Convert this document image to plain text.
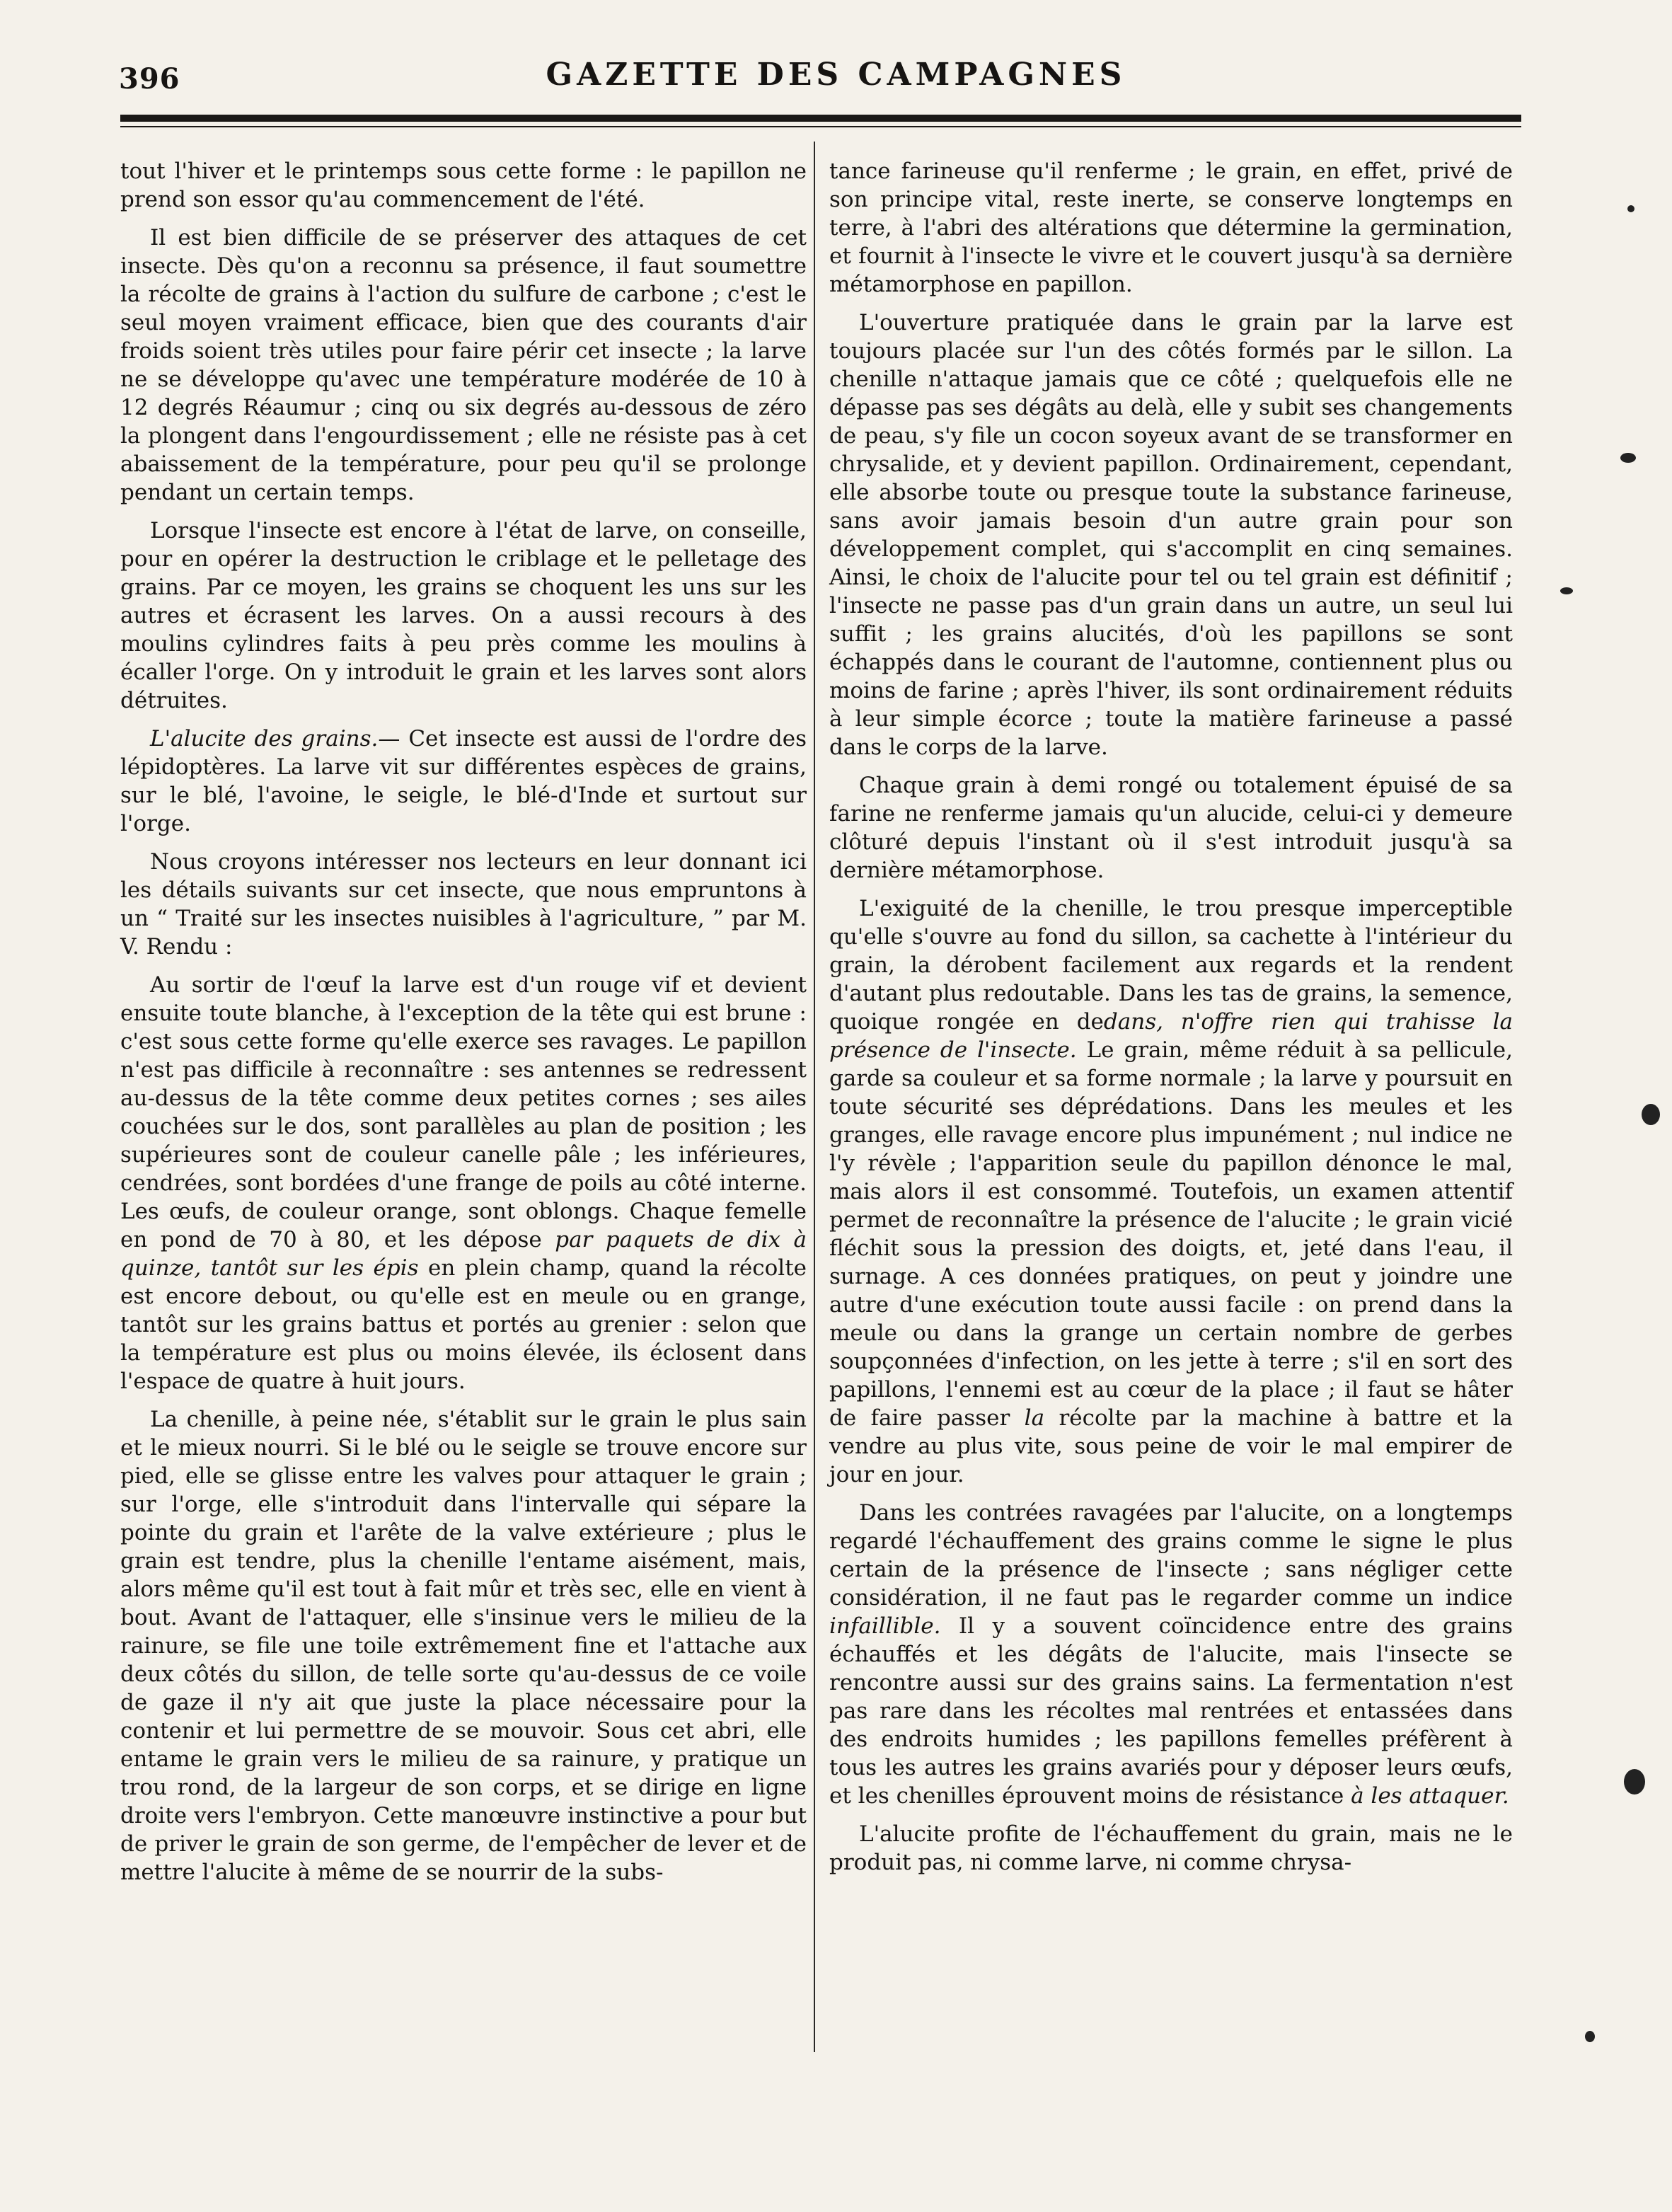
396	GAZETTE DES CAMPAGNES

tout l'hiver et le printemps sous cette forme : le papillon ne prend son essor qu'au commencement de l'été.

Il est bien difficile de se préserver des attaques de cet insecte. Dès qu'on a reconnu sa présence, il faut soumettre la récolte de grains à l'action du sulfure de carbone ; c'est le seul moyen vraiment efficace, bien que des courants d'air froids soient très utiles pour faire périr cet insecte ; la larve ne se développe qu'avec une température modérée de 10 à 12 degrés Réaumur ; cinq ou six degrés au-dessous de zéro la plongent dans l'engourdissement ; elle ne résiste pas à cet abaissement de la température, pour peu qu'il se prolonge pendant un certain temps.

Lorsque l'insecte est encore à l'état de larve, on conseille, pour en opérer la destruction le criblage et le pelletage des grains. Par ce moyen, les grains se choquent les uns sur les autres et écrasent les larves. On a aussi recours à des moulins cylindres faits à peu près comme les moulins à écaller l'orge. On y introduit le grain et les larves sont alors détruites.

L'alucite des grains.— Cet insecte est aussi de l'ordre des lépidoptères. La larve vit sur différentes espèces de grains, sur le blé, l'avoine, le seigle, le blé-d'Inde et surtout sur l'orge.

Nous croyons intéresser nos lecteurs en leur donnant ici les détails suivants sur cet insecte, que nous empruntons à un “ Traité sur les insectes nuisibles à l'agriculture, ” par M. V. Rendu :

Au sortir de l'œuf la larve est d'un rouge vif et devient ensuite toute blanche, à l'exception de la tête qui est brune : c'est sous cette forme qu'elle exerce ses ravages. Le papillon n'est pas difficile à reconnaître : ses antennes se redressent au-dessus de la tête comme deux petites cornes ; ses ailes couchées sur le dos, sont parallèles au plan de position ; les supérieures sont de couleur canelle pâle ; les inférieures, cendrées, sont bordées d'une frange de poils au côté interne. Les œufs, de couleur orange, sont oblongs. Chaque femelle en pond de 70 à 80, et les dépose par paquets de dix à quinze, tantôt sur les épis en plein champ, quand la récolte est encore debout, ou qu'elle est en meule ou en grange, tantôt sur les grains battus et portés au grenier : selon que la température est plus ou moins élevée, ils éclosent dans l'espace de quatre à huit jours.

La chenille, à peine née, s'établit sur le grain le plus sain et le mieux nourri. Si le blé ou le seigle se trouve encore sur pied, elle se glisse entre les valves pour attaquer le grain ; sur l'orge, elle s'introduit dans l'intervalle qui sépare la pointe du grain et l'arête de la valve extérieure ; plus le grain est tendre, plus la chenille l'entame aisément, mais, alors même qu'il est tout à fait mûr et très sec, elle en vient à bout. Avant de l'attaquer, elle s'insinue vers le milieu de la rainure, se file une toile extrêmement fine et l'attache aux deux côtés du sillon, de telle sorte qu'au-dessus de ce voile de gaze il n'y ait que juste la place nécessaire pour la contenir et lui permettre de se mouvoir. Sous cet abri, elle entame le grain vers le milieu de sa rainure, y pratique un trou rond, de la largeur de son corps, et se dirige en ligne droite vers l'embryon. Cette manœuvre instinctive a pour but de priver le grain de son germe, de l'empêcher de lever et de mettre l'alucite à même de se nourrir de la subs-

tance farineuse qu'il renferme ; le grain, en effet, privé de son principe vital, reste inerte, se conserve longtemps en terre, à l'abri des altérations que détermine la germination, et fournit à l'insecte le vivre et le couvert jusqu'à sa dernière métamorphose en papillon.

L'ouverture pratiquée dans le grain par la larve est toujours placée sur l'un des côtés formés par le sillon. La chenille n'attaque jamais que ce côté ; quelquefois elle ne dépasse pas ses dégâts au delà, elle y subit ses changements de peau, s'y file un cocon soyeux avant de se transformer en chrysalide, et y devient papillon. Ordinairement, cependant, elle absorbe toute ou presque toute la substance farineuse, sans avoir jamais besoin d'un autre grain pour son développement complet, qui s'accomplit en cinq semaines. Ainsi, le choix de l'alucite pour tel ou tel grain est définitif ; l'insecte ne passe pas d'un grain dans un autre, un seul lui suffit ; les grains alucités, d'où les papillons se sont échappés dans le courant de l'automne, contiennent plus ou moins de farine ; après l'hiver, ils sont ordinairement réduits à leur simple écorce ; toute la matière farineuse a passé dans le corps de la larve.

Chaque grain à demi rongé ou totalement épuisé de sa farine ne renferme jamais qu'un alucide, celui-ci y demeure clôturé depuis l'instant où il s'est introduit jusqu'à sa dernière métamorphose.

L'exiguité de la chenille, le trou presque imperceptible qu'elle s'ouvre au fond du sillon, sa cachette à l'intérieur du grain, la dérobent facilement aux regards et la rendent d'autant plus redoutable. Dans les tas de grains, la semence, quoique rongée en dedans, n'offre rien qui trahisse la présence de l'insecte. Le grain, même réduit à sa pellicule, garde sa couleur et sa forme normale ; la larve y poursuit en toute sécurité ses déprédations. Dans les meules et les granges, elle ravage encore plus impunément ; nul indice ne l'y révèle ; l'apparition seule du papillon dénonce le mal, mais alors il est consommé. Toutefois, un examen attentif permet de reconnaître la présence de l'alucite ; le grain vicié fléchit sous la pression des doigts, et, jeté dans l'eau, il surnage. A ces données pratiques, on peut y joindre une autre d'une exécution toute aussi facile : on prend dans la meule ou dans la grange un certain nombre de gerbes soupçonnées d'infection, on les jette à terre ; s'il en sort des papillons, l'ennemi est au cœur de la place ; il faut se hâter de faire passer la récolte par la machine à battre et la vendre au plus vite, sous peine de voir le mal empirer de jour en jour.

Dans les contrées ravagées par l'alucite, on a longtemps regardé l'échauffement des grains comme le signe le plus certain de la présence de l'insecte ; sans négliger cette considération, il ne faut pas le regarder comme un indice infaillible. Il y a souvent coïncidence entre des grains échauffés et les dégâts de l'alucite, mais l'insecte se rencontre aussi sur des grains sains. La fermentation n'est pas rare dans les récoltes mal rentrées et entassées dans des endroits humides ; les papillons femelles préfèrent à tous les autres les grains avariés pour y déposer leurs œufs, et les chenilles éprouvent moins de résistance à les attaquer.

L'alucite profite de l'échauffement du grain, mais ne le produit pas, ni comme larve, ni comme chrysa-
